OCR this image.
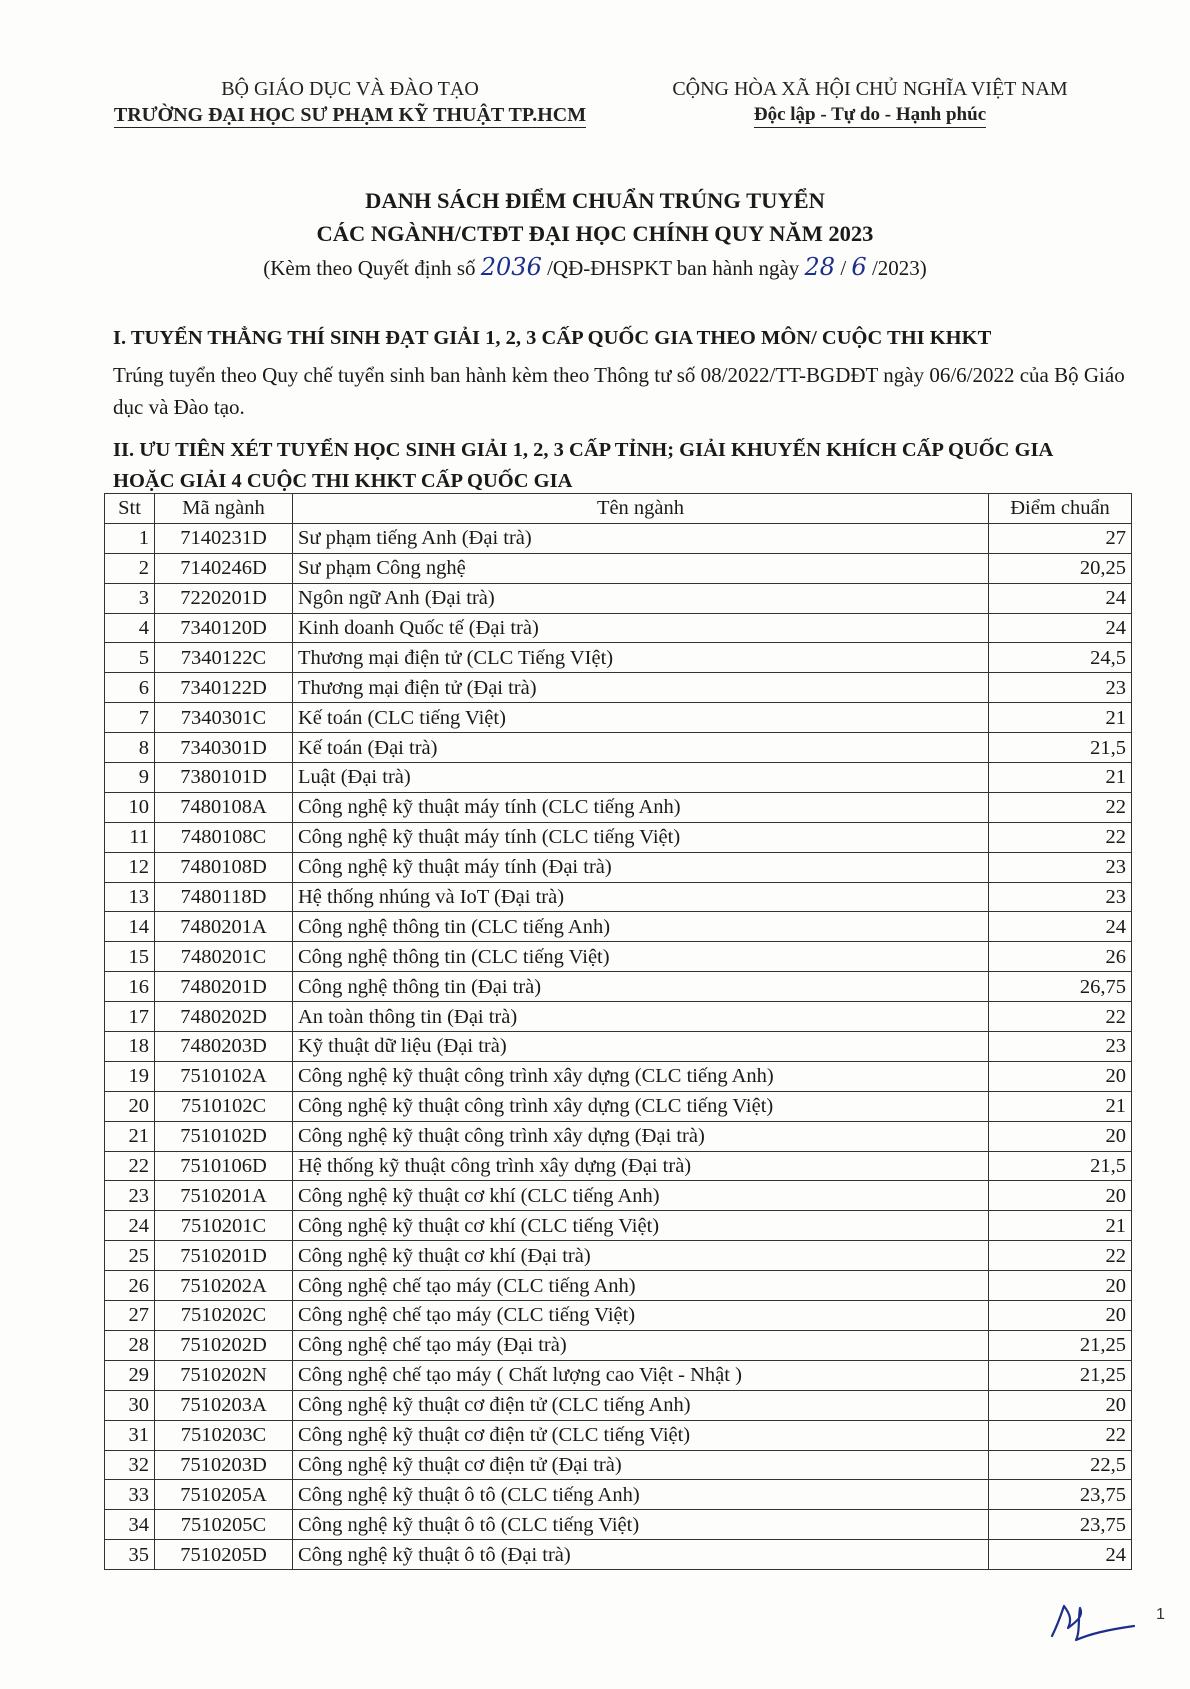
BỘ GIÁO DỤC VÀ ĐÀO TẠO
TRƯỜNG ĐẠI HỌC SƯ PHẠM KỸ THUẬT TP.HCM
CỘNG HÒA XÃ HỘI CHỦ NGHĨA VIỆT NAM
Độc lập - Tự do - Hạnh phúc
DANH SÁCH ĐIỂM CHUẨN TRÚNG TUYỂN
CÁC NGÀNH/CTĐT ĐẠI HỌC CHÍNH QUY NĂM 2023
(Kèm theo Quyết định số 2036 /QĐ-ĐHSPKT ban hành ngày 28 / 6 /2023)
I. TUYỂN THẲNG THÍ SINH ĐẠT GIẢI 1, 2, 3 CẤP QUỐC GIA THEO MÔN/ CUỘC THI KHKT
Trúng tuyển theo Quy chế tuyển sinh ban hành kèm theo Thông tư số 08/2022/TT-BGDĐT ngày 06/6/2022 của Bộ Giáo dục và Đào tạo.
II. ƯU TIÊN XÉT TUYỂN HỌC SINH GIẢI 1, 2, 3 CẤP TỈNH; GIẢI KHUYẾN KHÍCH CẤP QUỐC GIA
HOẶC GIẢI 4 CUỘC THI KHKT CẤP QUỐC GIA
Stt	Mã ngành	Tên ngành	Điểm chuẩn
1	7140231D	Sư phạm tiếng Anh (Đại trà)	27
2	7140246D	Sư phạm Công nghệ	20,25
3	7220201D	Ngôn ngữ Anh (Đại trà)	24
4	7340120D	Kinh doanh Quốc tế (Đại trà)	24
5	7340122C	Thương mại điện tử (CLC Tiếng VIệt)	24,5
6	7340122D	Thương mại điện tử (Đại trà)	23
7	7340301C	Kế toán (CLC tiếng Việt)	21
8	7340301D	Kế toán (Đại trà)	21,5
9	7380101D	Luật (Đại trà)	21
10	7480108A	Công nghệ kỹ thuật máy tính (CLC tiếng Anh)	22
11	7480108C	Công nghệ kỹ thuật máy tính (CLC tiếng Việt)	22
12	7480108D	Công nghệ kỹ thuật máy tính (Đại trà)	23
13	7480118D	Hệ thống nhúng và IoT (Đại trà)	23
14	7480201A	Công nghệ thông tin (CLC tiếng Anh)	24
15	7480201C	Công nghệ thông tin (CLC tiếng Việt)	26
16	7480201D	Công nghệ thông tin (Đại trà)	26,75
17	7480202D	An toàn thông tin (Đại trà)	22
18	7480203D	Kỹ thuật dữ liệu (Đại trà)	23
19	7510102A	Công nghệ kỹ thuật công trình xây dựng (CLC tiếng Anh)	20
20	7510102C	Công nghệ kỹ thuật công trình xây dựng (CLC tiếng Việt)	21
21	7510102D	Công nghệ kỹ thuật công trình xây dựng (Đại trà)	20
22	7510106D	Hệ thống kỹ thuật công trình xây dựng (Đại trà)	21,5
23	7510201A	Công nghệ kỹ thuật cơ khí (CLC tiếng Anh)	20
24	7510201C	Công nghệ kỹ thuật cơ khí (CLC tiếng Việt)	21
25	7510201D	Công nghệ kỹ thuật cơ khí (Đại trà)	22
26	7510202A	Công nghệ chế tạo máy (CLC tiếng Anh)	20
27	7510202C	Công nghệ chế tạo máy (CLC tiếng Việt)	20
28	7510202D	Công nghệ chế tạo máy (Đại trà)	21,25
29	7510202N	Công nghệ chế tạo máy ( Chất lượng cao Việt - Nhật )	21,25
30	7510203A	Công nghệ kỹ thuật cơ điện tử (CLC tiếng Anh)	20
31	7510203C	Công nghệ kỹ thuật cơ điện tử (CLC tiếng Việt)	22
32	7510203D	Công nghệ kỹ thuật cơ điện tử (Đại trà)	22,5
33	7510205A	Công nghệ kỹ thuật ô tô (CLC tiếng Anh)	23,75
34	7510205C	Công nghệ kỹ thuật ô tô (CLC tiếng Việt)	23,75
35	7510205D	Công nghệ kỹ thuật ô tô (Đại trà)	24
1
